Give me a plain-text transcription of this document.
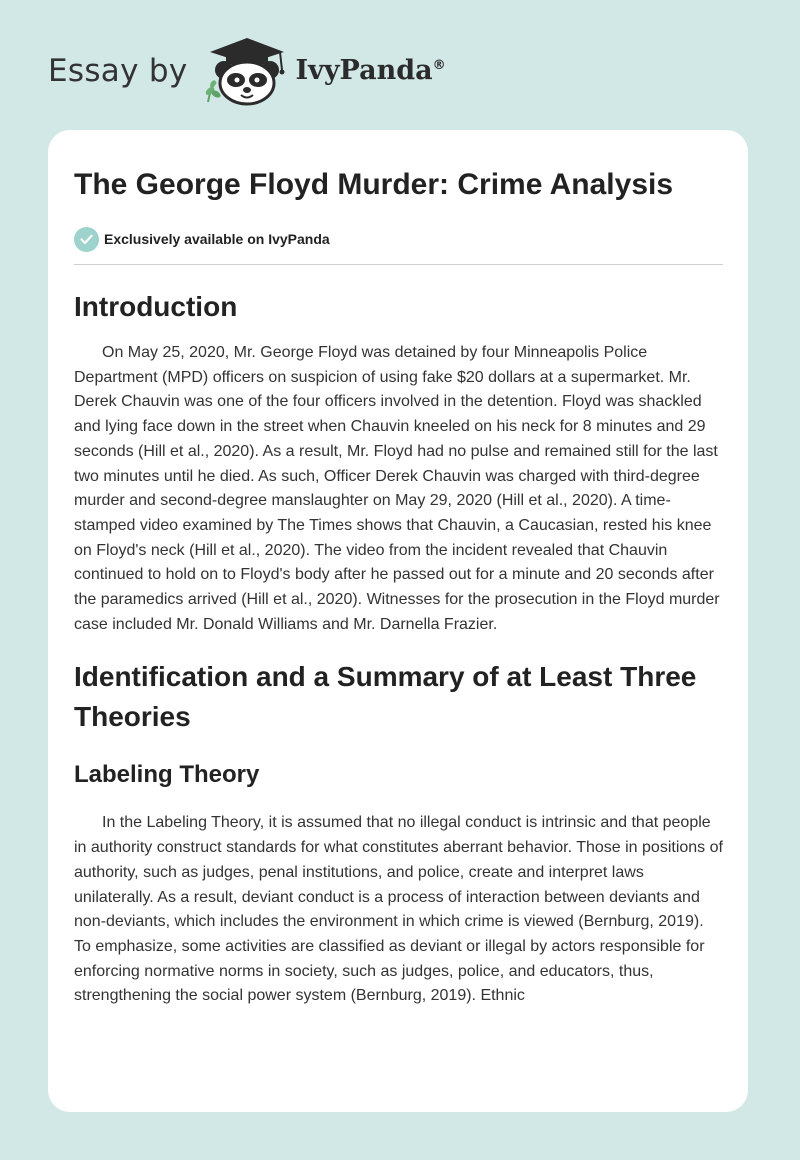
Essay by	IvyPanda®
The George Floyd Murder: Crime Analysis
Exclusively available on IvyPanda
Introduction

On May 25, 2020, Mr. George Floyd was detained by four Minneapolis Police Department (MPD) officers on suspicion of using fake $20 dollars at a supermarket. Mr. Derek Chauvin was one of the four officers involved in the detention. Floyd was shackled and lying face down in the street when Chauvin kneeled on his neck for 8 minutes and 29 seconds (Hill et al., 2020). As a result, Mr. Floyd had no pulse and remained still for the last two minutes until he died. As such, Officer Derek Chauvin was charged with third-degree murder and second-degree manslaughter on May 29, 2020 (Hill et al., 2020). A time-stamped video examined by The Times shows that Chauvin, a Caucasian, rested his knee on Floyd's neck (Hill et al., 2020). The video from the incident revealed that Chauvin continued to hold on to Floyd's body after he passed out for a minute and 20 seconds after the paramedics arrived (Hill et al., 2020). Witnesses for the prosecution in the Floyd murder case included Mr. Donald Williams and Mr. Darnella Frazier.

Identification and a Summary of at Least Three Theories
Labeling Theory

In the Labeling Theory, it is assumed that no illegal conduct is intrinsic and that people in authority construct standards for what constitutes aberrant behavior. Those in positions of authority, such as judges, penal institutions, and police, create and interpret laws unilaterally. As a result, deviant conduct is a process of interaction between deviants and non-deviants, which includes the environment in which crime is viewed (Bernburg, 2019). To emphasize, some activities are classified as deviant or illegal by actors responsible for enforcing normative norms in society, such as judges, police, and educators, thus, strengthening the social power system (Bernburg, 2019). Ethnic
